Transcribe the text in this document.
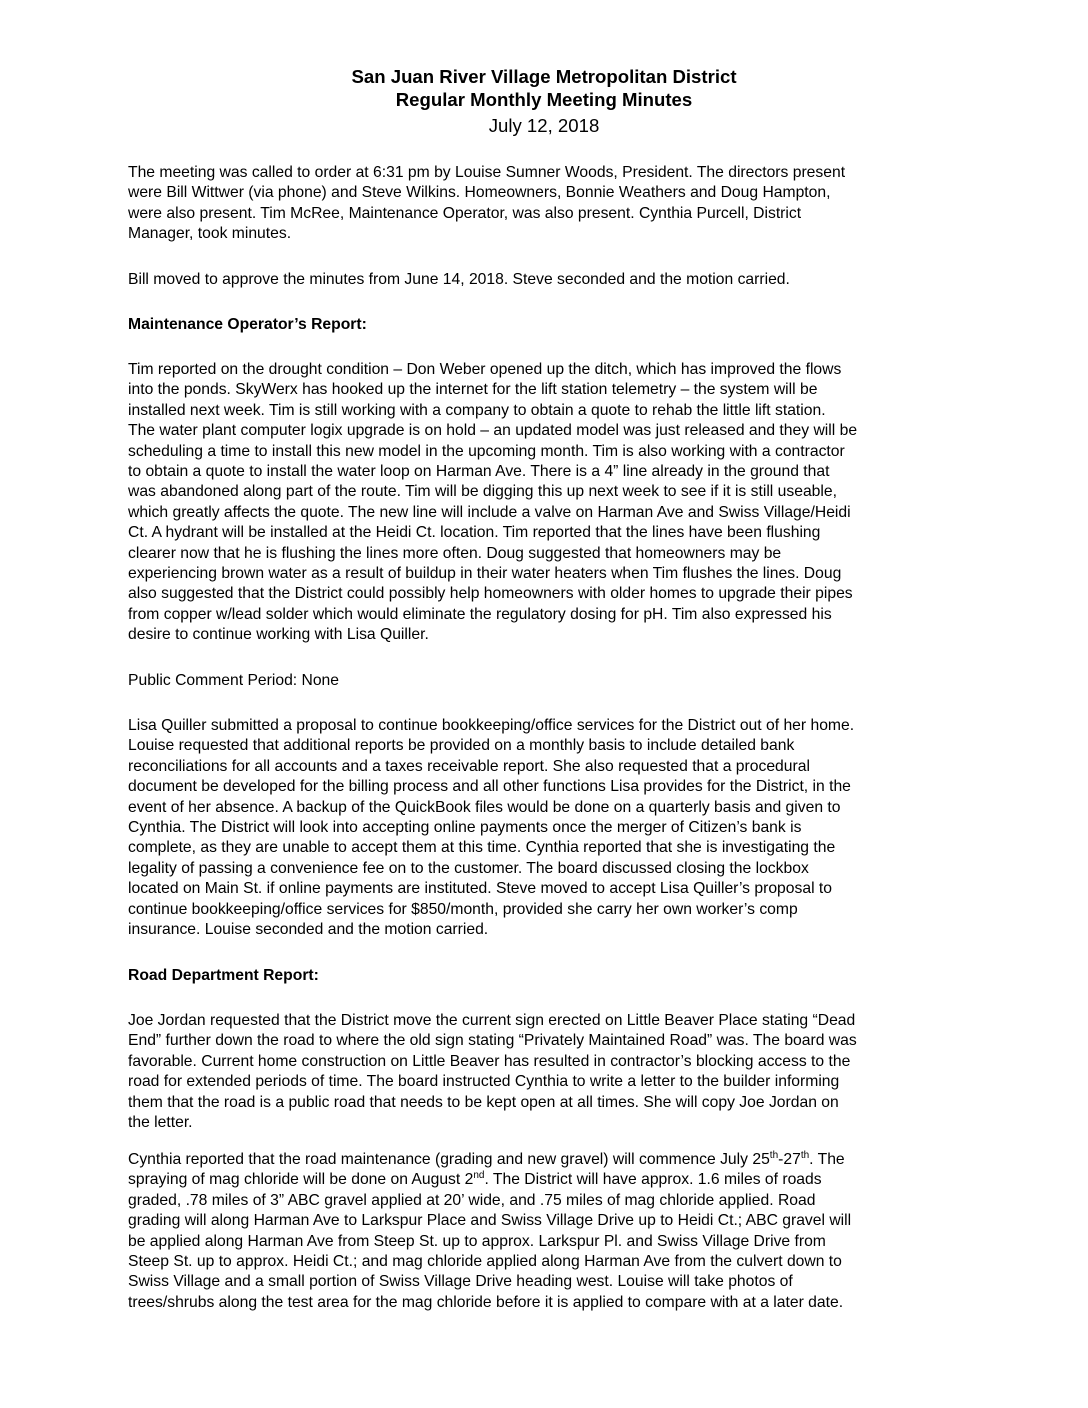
San Juan River Village Metropolitan District
Regular Monthly Meeting Minutes
July 12, 2018
The meeting was called to order at 6:31 pm by Louise Sumner Woods, President. The directors present
were Bill Wittwer (via phone) and Steve Wilkins. Homeowners, Bonnie Weathers and Doug Hampton,
were also present. Tim McRee, Maintenance Operator, was also present. Cynthia Purcell, District
Manager, took minutes.
Bill moved to approve the minutes from June 14, 2018. Steve seconded and the motion carried.
Maintenance Operator’s Report:
Tim reported on the drought condition – Don Weber opened up the ditch, which has improved the flows
into the ponds. SkyWerx has hooked up the internet for the lift station telemetry – the system will be
installed next week. Tim is still working with a company to obtain a quote to rehab the little lift station.
The water plant computer logix upgrade is on hold – an updated model was just released and they will be
scheduling a time to install this new model in the upcoming month. Tim is also working with a contractor
to obtain a quote to install the water loop on Harman Ave. There is a 4” line already in the ground that
was abandoned along part of the route. Tim will be digging this up next week to see if it is still useable,
which greatly affects the quote. The new line will include a valve on Harman Ave and Swiss Village/Heidi
Ct. A hydrant will be installed at the Heidi Ct. location. Tim reported that the lines have been flushing
clearer now that he is flushing the lines more often. Doug suggested that homeowners may be
experiencing brown water as a result of buildup in their water heaters when Tim flushes the lines. Doug
also suggested that the District could possibly help homeowners with older homes to upgrade their pipes
from copper w/lead solder which would eliminate the regulatory dosing for pH. Tim also expressed his
desire to continue working with Lisa Quiller.
Public Comment Period: None
Lisa Quiller submitted a proposal to continue bookkeeping/office services for the District out of her home.
Louise requested that additional reports be provided on a monthly basis to include detailed bank
reconciliations for all accounts and a taxes receivable report. She also requested that a procedural
document be developed for the billing process and all other functions Lisa provides for the District, in the
event of her absence. A backup of the QuickBook files would be done on a quarterly basis and given to
Cynthia. The District will look into accepting online payments once the merger of Citizen’s bank is
complete, as they are unable to accept them at this time. Cynthia reported that she is investigating the
legality of passing a convenience fee on to the customer. The board discussed closing the lockbox
located on Main St. if online payments are instituted. Steve moved to accept Lisa Quiller’s proposal to
continue bookkeeping/office services for $850/month, provided she carry her own worker’s comp
insurance. Louise seconded and the motion carried.
Road Department Report:
Joe Jordan requested that the District move the current sign erected on Little Beaver Place stating “Dead
End” further down the road to where the old sign stating “Privately Maintained Road” was. The board was
favorable. Current home construction on Little Beaver has resulted in contractor’s blocking access to the
road for extended periods of time. The board instructed Cynthia to write a letter to the builder informing
them that the road is a public road that needs to be kept open at all times. She will copy Joe Jordan on
the letter.
Cynthia reported that the road maintenance (grading and new gravel) will commence July 25th-27th. The
spraying of mag chloride will be done on August 2nd. The District will have approx. 1.6 miles of roads
graded, .78 miles of 3” ABC gravel applied at 20’ wide, and .75 miles of mag chloride applied. Road
grading will along Harman Ave to Larkspur Place and Swiss Village Drive up to Heidi Ct.; ABC gravel will
be applied along Harman Ave from Steep St. up to approx. Larkspur Pl. and Swiss Village Drive from
Steep St. up to approx. Heidi Ct.; and mag chloride applied along Harman Ave from the culvert down to
Swiss Village and a small portion of Swiss Village Drive heading west. Louise will take photos of
trees/shrubs along the test area for the mag chloride before it is applied to compare with at a later date.
